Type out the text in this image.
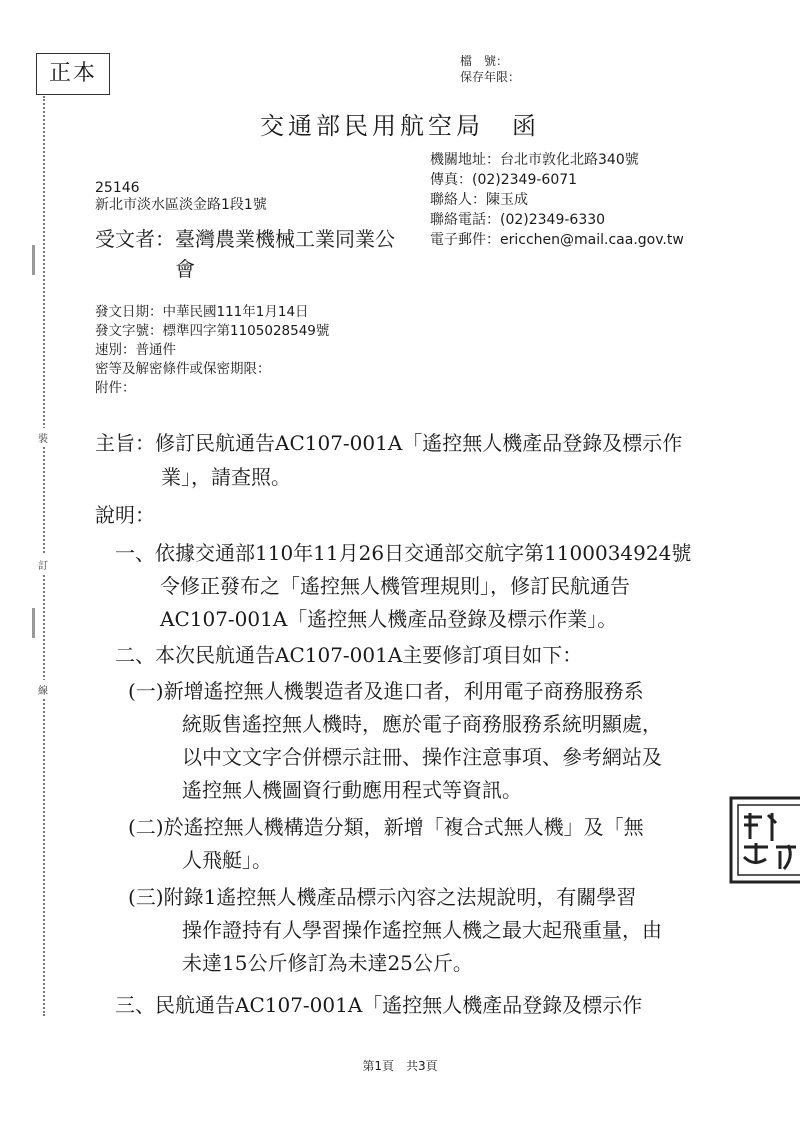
裝
訂
線
正本	檔　號：
保存年限：
交通部民用航空局　函
機關地址：台北市敦化北路340號
傳真：(02)2349-6071
聯絡人：陳玉成
聯絡電話：(02)2349-6330
電子郵件：ericchen@mail.caa.gov.tw
25146
新北市淡水區淡金路1段1號
受文者：臺灣農業機械工業同業公
會
發文日期：中華民國111年1月14日
發文字號：標準四字第1105028549號
速別：普通件
密等及解密條件或保密期限：
附件：
主旨：修訂民航通告AC107-001A「遙控無人機產品登錄及標示作
業」，請查照。
說明：
一、依據交通部110年11月26日交通部交航字第1100034924號
令修正發布之「遙控無人機管理規則」，修訂民航通告
AC107-001A「遙控無人機產品登錄及標示作業」。
二、本次民航通告AC107-001A主要修訂項目如下：
(一)新增遙控無人機製造者及進口者，利用電子商務服務系
統販售遙控無人機時，應於電子商務服務系統明顯處，
以中文文字合併標示註冊、操作注意事項、參考網站及
遙控無人機圖資行動應用程式等資訊。
(二)於遙控無人機構造分類，新增「複合式無人機」及「無
人飛艇」。
(三)附錄1遙控無人機產品標示內容之法規說明，有關學習
操作證持有人學習操作遙控無人機之最大起飛重量，由
未達15公斤修訂為未達25公斤。
三、民航通告AC107-001A「遙控無人機產品登錄及標示作
第1頁　共3頁
